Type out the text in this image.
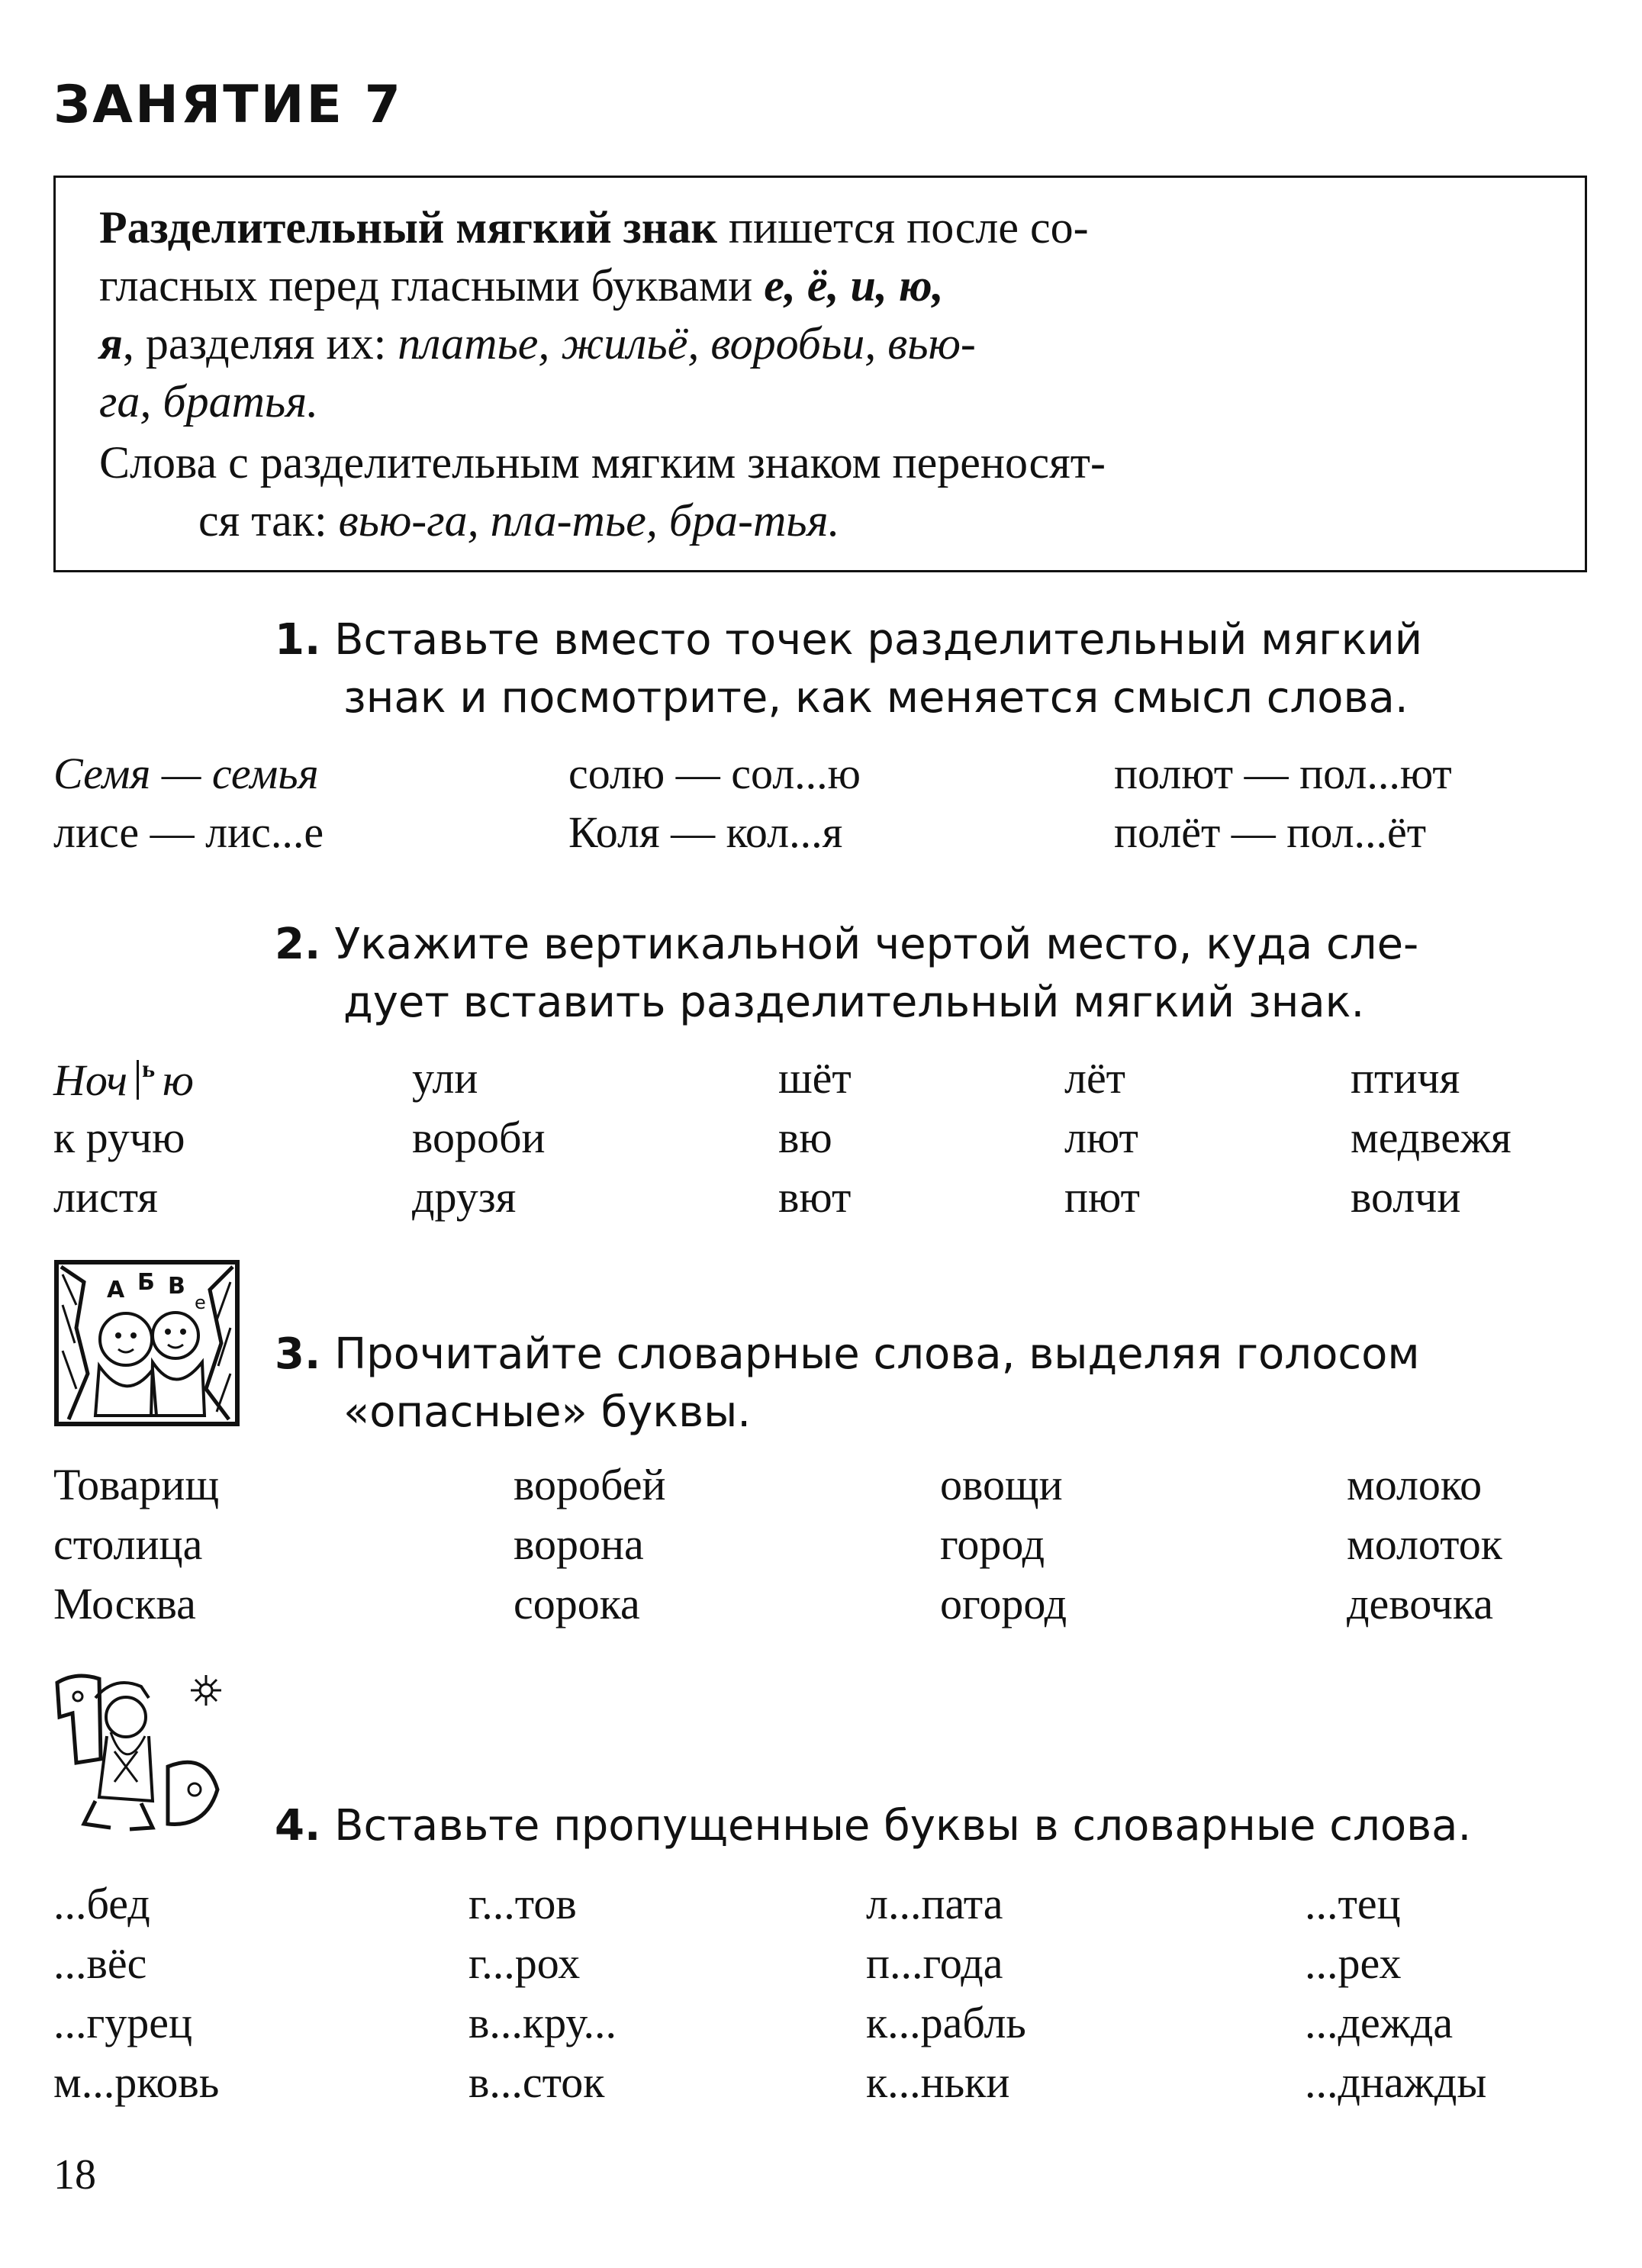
ЗАНЯТИЕ 7
Разделительный мягкий знак пишется после со-
гласных перед гласными буквами е, ё, и, ю,
я, разделяя их: платье, жильё, воробьи, вью-
га, братья.
Слова с разделительным мягким знаком переносят-
ся так: вью-га, пла-тье, бра-тья.
1. Вставьте вместо точек разделительный мягкий
знак и посмотрите, как меняется смысл слова.
Семя — семья	солю — сол...ю	полют — пол...ют
лисе — лис...е	Коля — кол...я	полёт — пол...ёт
2. Укажите вертикальной чертой место, куда сле-
дует вставить разделительный мягкий знак.
Ноч $^ь$ ю	ули	шёт	лёт	птичя
к ручю	вороби	вю	лют	медвежя
листя	друзя	вют	пют	волчи
А Б В
е
3. Прочитайте словарные слова, выделяя голосом
«опасные» буквы.
Товарищ	воробей	овощи	молоко
столица	ворона	город	молоток
Москва	сорока	огород	девочка
4. Вставьте пропущенные буквы в словарные слова.
...бед	г...тов	л...пата	...тец
...вёс	г...рох	п...года	...рех
...гурец	в...кру...	к...рабль	...дежда
м...рковь	в...сток	к...ньки	...днажды
18
